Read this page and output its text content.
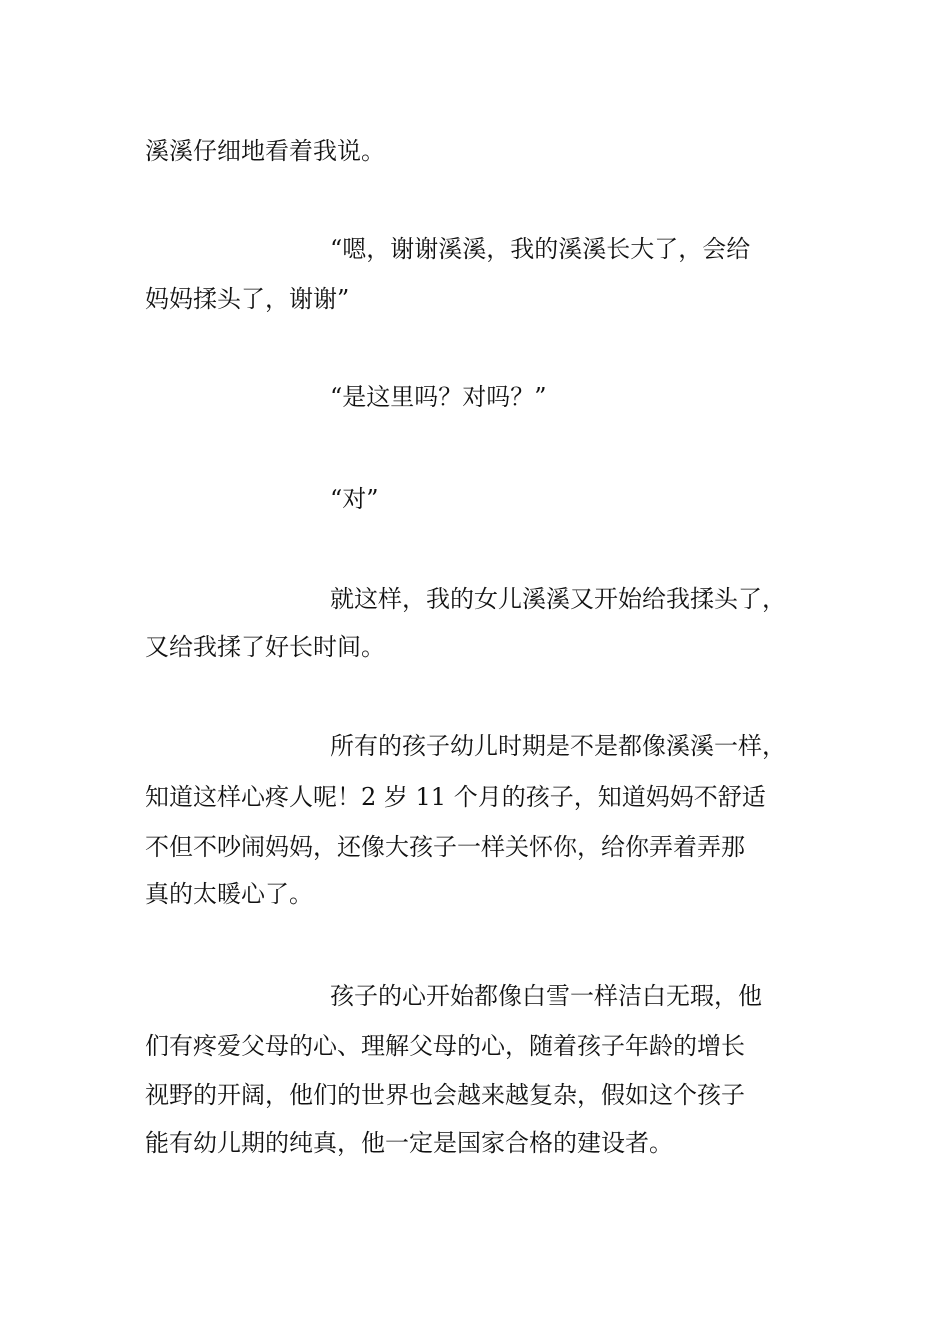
溪溪仔细地看着我说。

“嗯，谢谢溪溪，我的溪溪长大了，会给

妈妈揉头了，谢谢”

“是这里吗？对吗？”

“对”

就这样，我的女儿溪溪又开始给我揉头了，

又给我揉了好长时间。

所有的孩子幼儿时期是不是都像溪溪一样，

知道这样心疼人呢！2 岁 11 个月的孩子，知道妈妈不舒适

不但不吵闹妈妈，还像大孩子一样关怀你，给你弄着弄那

真的太暖心了。

孩子的心开始都像白雪一样洁白无瑕，他

们有疼爱父母的心、理解父母的心，随着孩子年龄的增长

视野的开阔，他们的世界也会越来越复杂，假如这个孩子

能有幼儿期的纯真，他一定是国家合格的建设者。
